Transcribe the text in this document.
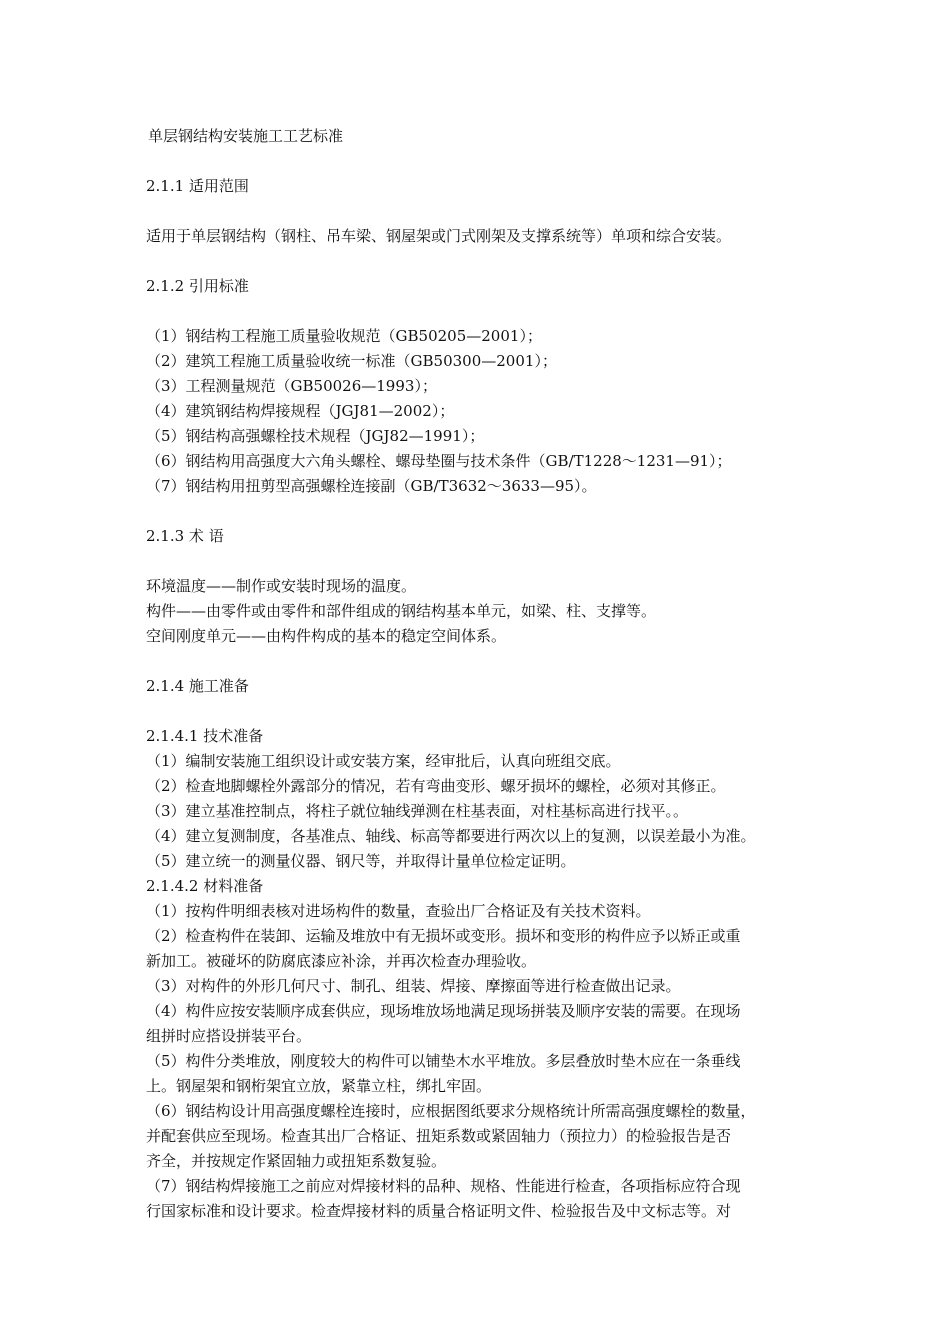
单层钢结构安装施工工艺标准
2.1.1 适用范围
适用于单层钢结构（钢柱、吊车梁、钢屋架或门式刚架及支撑系统等）单项和综合安装。
2.1.2 引用标准
（1）钢结构工程施工质量验收规范（GB50205—2001）；
（2）建筑工程施工质量验收统一标准（GB50300—2001）；
（3）工程测量规范（GB50026—1993）；
（4）建筑钢结构焊接规程（JGJ81—2002）；
（5）钢结构高强螺栓技术规程（JGJ82—1991）；
（6）钢结构用高强度大六角头螺栓、螺母垫圈与技术条件（GB/T1228～1231—91）；
（7）钢结构用扭剪型高强螺栓连接副（GB/T3632～3633—95）。
2.1.3 术 语
环境温度——制作或安装时现场的温度。
构件——由零件或由零件和部件组成的钢结构基本单元，如梁、柱、支撑等。
空间刚度单元——由构件构成的基本的稳定空间体系。
2.1.4 施工准备
2.1.4.1 技术准备
（1）编制安装施工组织设计或安装方案，经审批后，认真向班组交底。
（2）检查地脚螺栓外露部分的情况，若有弯曲变形、螺牙损坏的螺栓，必须对其修正。
（3）建立基准控制点，将柱子就位轴线弹测在柱基表面，对柱基标高进行找平。。
（4）建立复测制度，各基准点、轴线、标高等都要进行两次以上的复测，以误差最小为准。
（5）建立统一的测量仪器、钢尺等，并取得计量单位检定证明。
2.1.4.2 材料准备
（1）按构件明细表核对进场构件的数量，查验出厂合格证及有关技术资料。
（2）检查构件在装卸、运输及堆放中有无损坏或变形。损坏和变形的构件应予以矫正或重
新加工。被碰坏的防腐底漆应补涂，并再次检查办理验收。
（3）对构件的外形几何尺寸、制孔、组装、焊接、摩擦面等进行检查做出记录。
（4）构件应按安装顺序成套供应，现场堆放场地满足现场拼装及顺序安装的需要。在现场
组拼时应搭设拼装平台。
（5）构件分类堆放，刚度较大的构件可以铺垫木水平堆放。多层叠放时垫木应在一条垂线
上。钢屋架和钢桁架宜立放，紧靠立柱，绑扎牢固。
（6）钢结构设计用高强度螺栓连接时，应根据图纸要求分规格统计所需高强度螺栓的数量，
并配套供应至现场。检查其出厂合格证、扭矩系数或紧固轴力（预拉力）的检验报告是否
齐全，并按规定作紧固轴力或扭矩系数复验。
（7）钢结构焊接施工之前应对焊接材料的品种、规格、性能进行检查，各项指标应符合现
行国家标准和设计要求。检查焊接材料的质量合格证明文件、检验报告及中文标志等。对
